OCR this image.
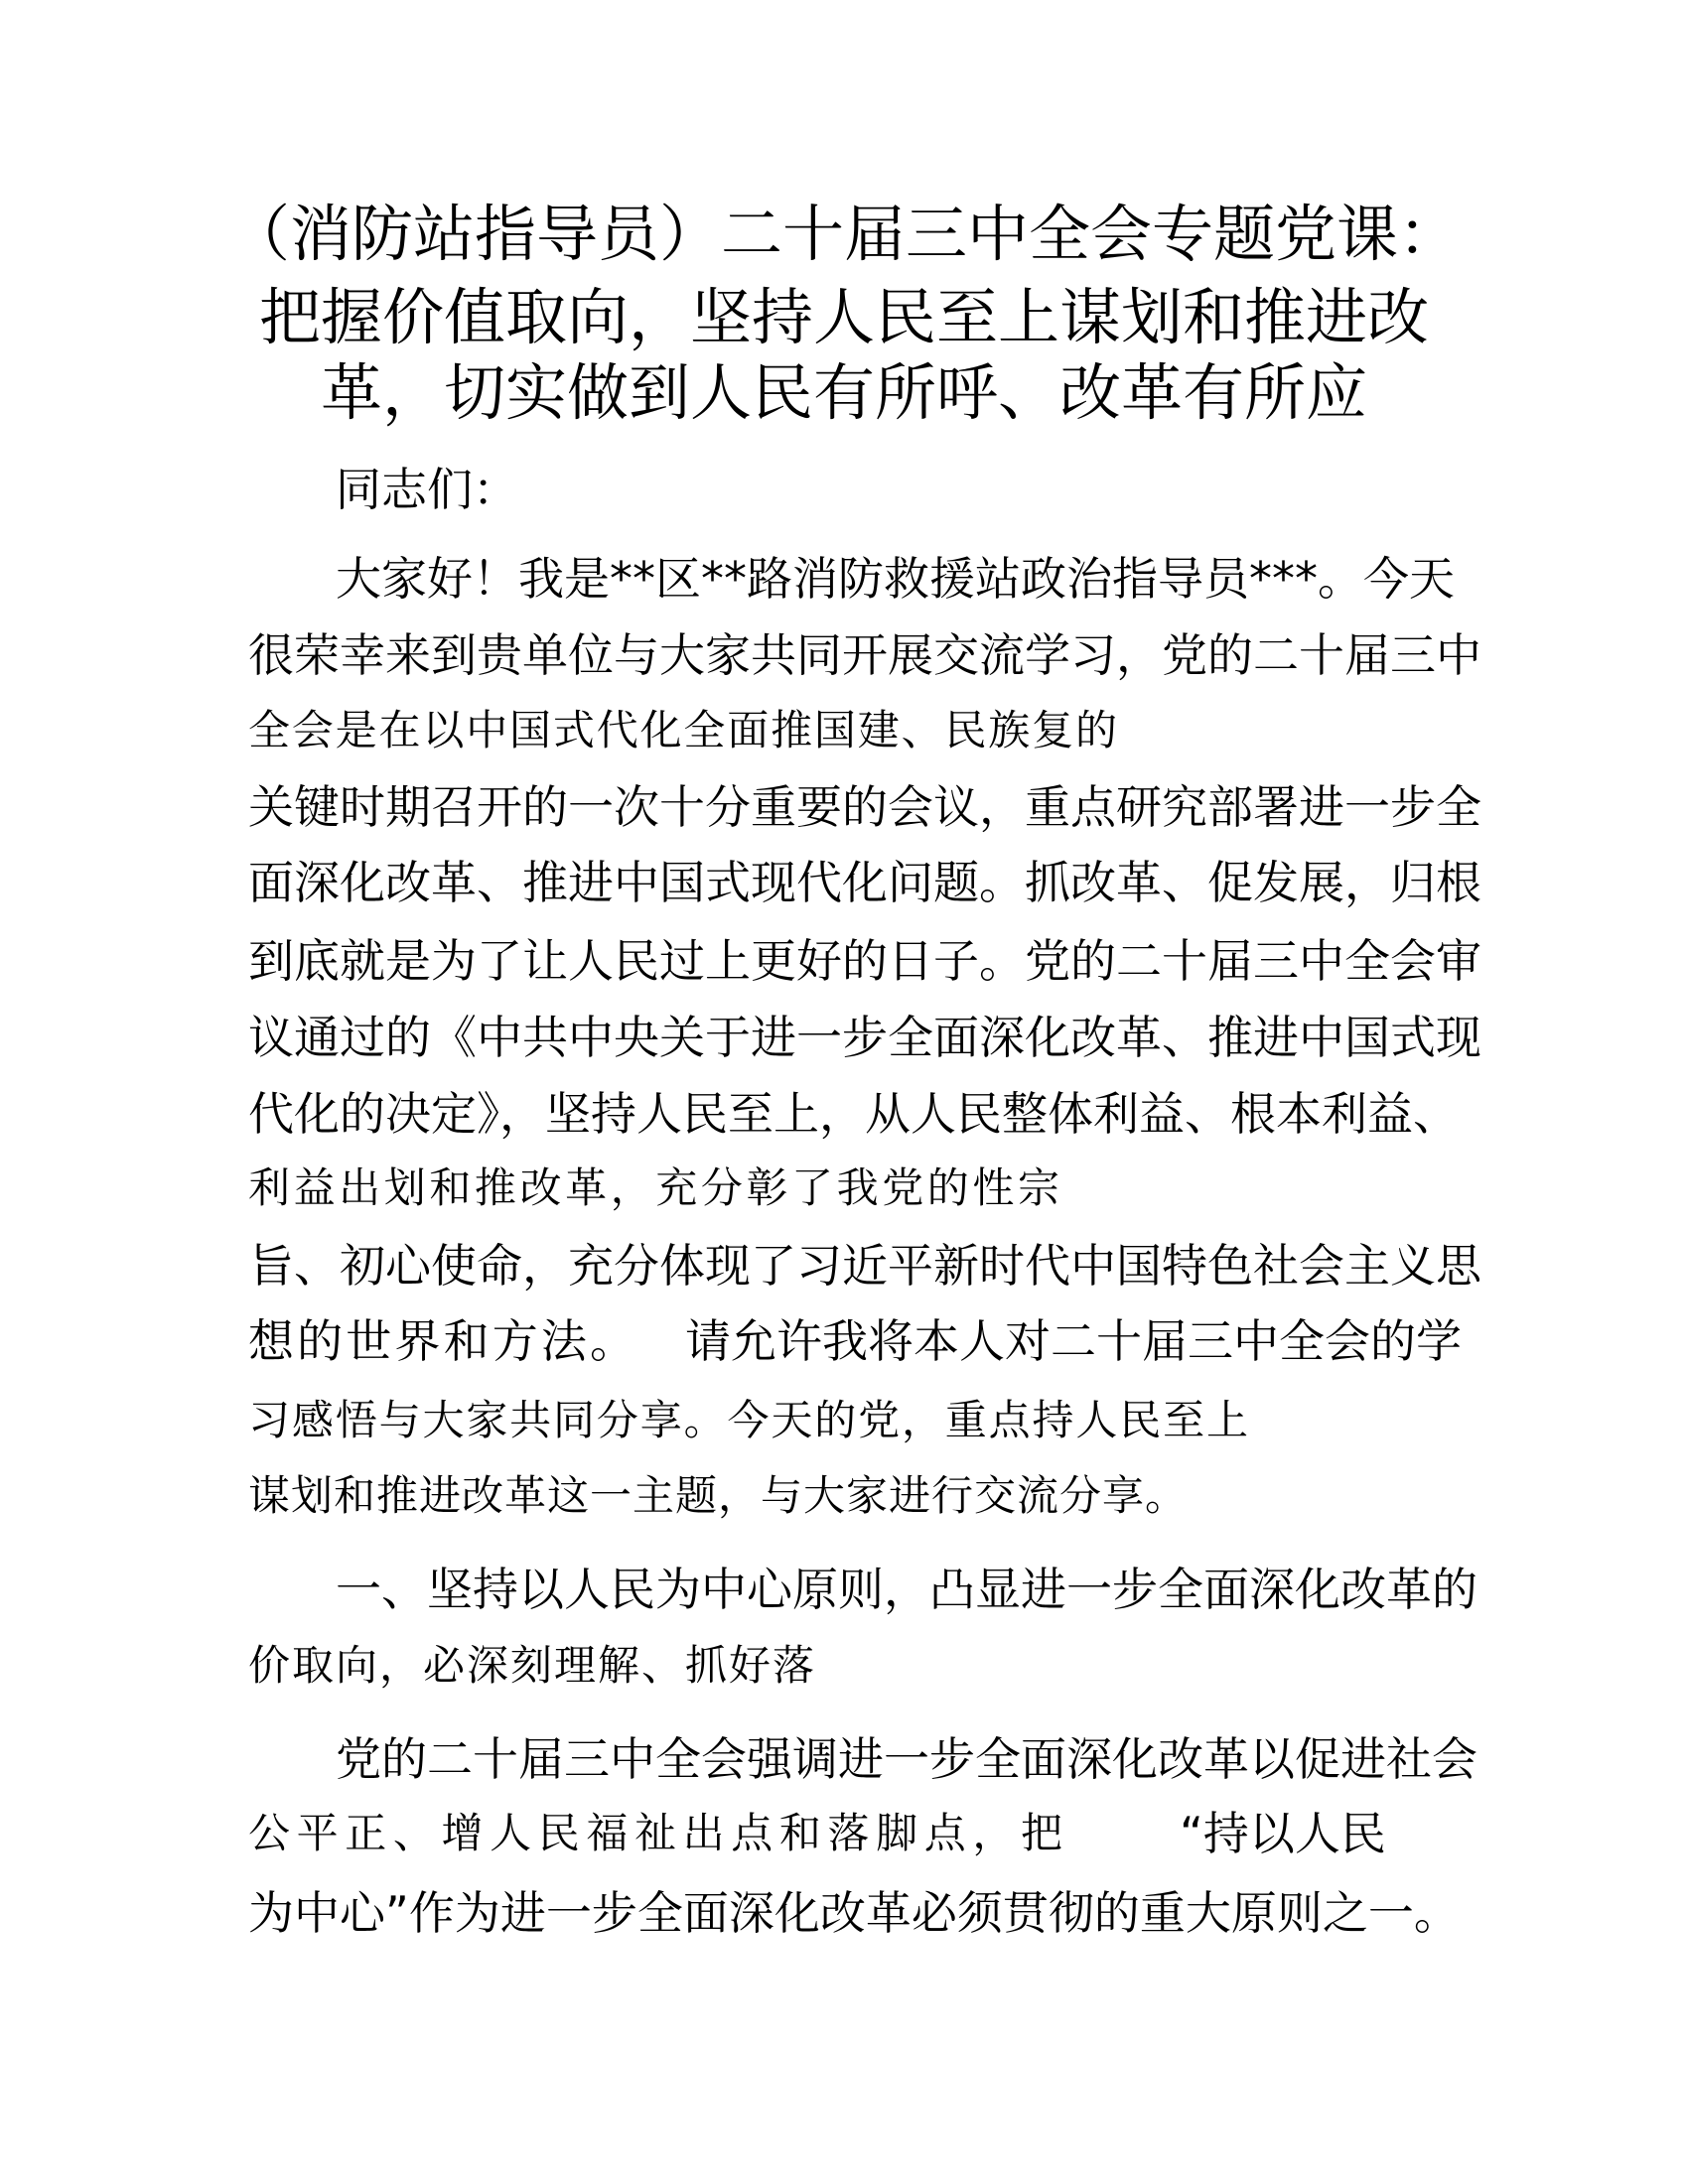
（消防站指导员）二十届三中全会专题党课：
把握价值取向，坚持人民至上谋划和推进改
革，切实做到人民有所呼、改革有所应
同志们：
大家好！我是**区**路消防救援站政治指导员***。今天
很荣幸来到贵单位与大家共同开展交流学习，党的二十届三中
全会是在以中国式代化全面推国建、民族复的
关键时期召开的一次十分重要的会议，重点研究部署进一步全
面深化改革、推进中国式现代化问题。抓改革、促发展，归根
到底就是为了让人民过上更好的日子。党的二十届三中全会审
议通过的《中共中央关于进一步全面深化改革、推进中国式现
代化的决定》，坚持人民至上，从人民整体利益、根本利益、
利益出划和推改革，充分彰了我党的性宗
旨、初心使命，充分体现了习近平新时代中国特色社会主义思
想的世界和方法。 请允许我将本人对二十届三中全会的学
习感悟与大家共同分享。今天的党，重点持人民至上
谋划和推进改革这一主题，与大家进行交流分享。
一、坚持以人民为中心原则，凸显进一步全面深化改革的
价取向，必深刻理解、抓好落
党的二十届三中全会强调进一步全面深化改革以促进社会
公平正、增人民福祉出点和落脚点，把	“持以人民
为中心”作为进一步全面深化改革必须贯彻的重大原则之一。
